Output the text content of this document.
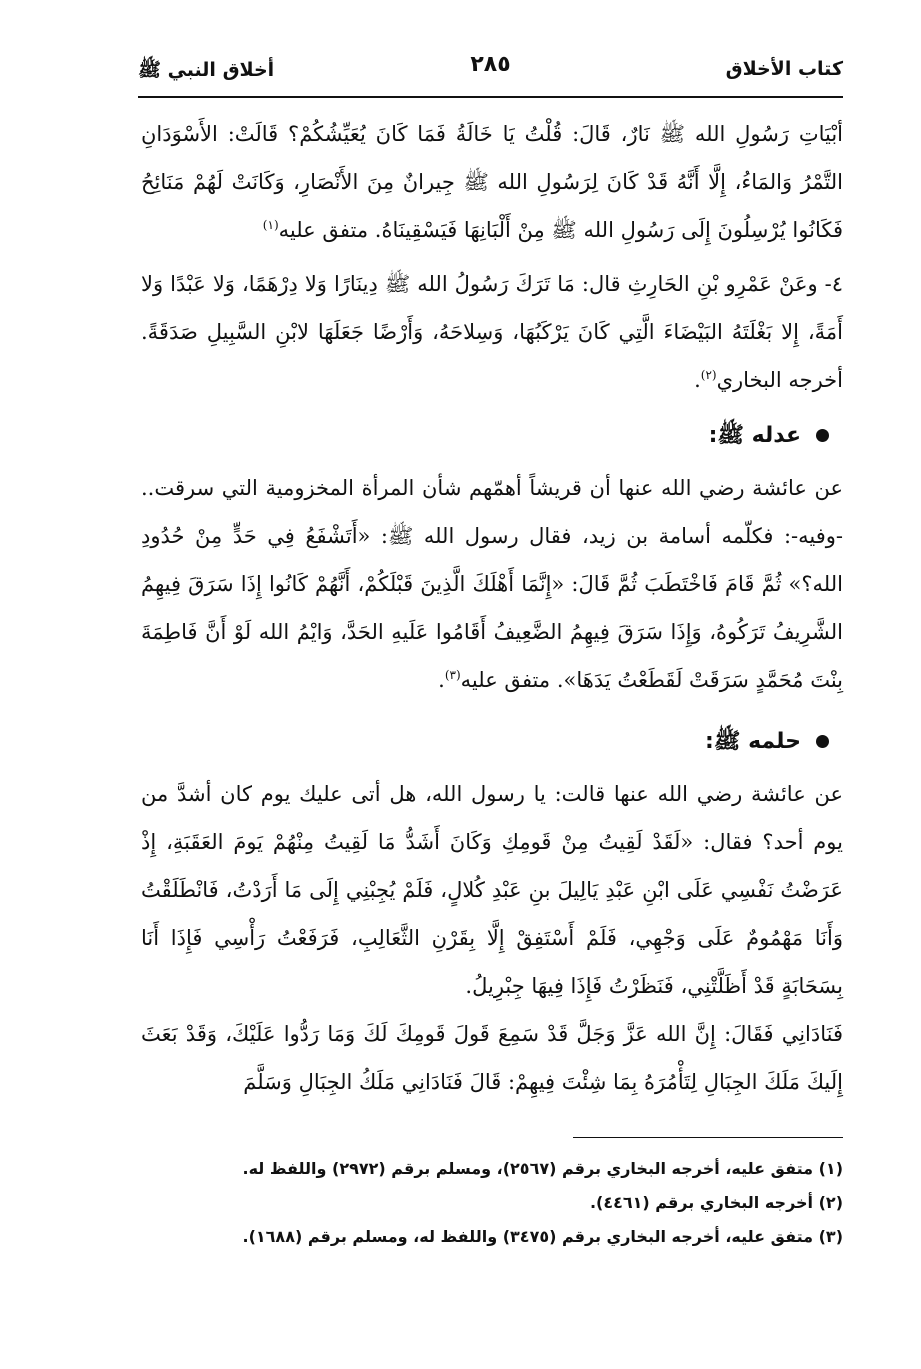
كتاب الأخلاق
٢٨٥
أخلاق النبي ﷺ

أبْيَاتِ رَسُولِ الله ﷺ نَارٌ، قَالَ: قُلْتُ يَا خَالَةُ فَمَا كَانَ يُعَيِّشُكُمْ؟ قَالَتْ: الأَسْوَدَانِ التَّمْرُ وَالمَاءُ، إِلَّا أَنَّهُ قَدْ كَانَ لِرَسُولِ الله ﷺ جِيرانٌ مِنَ الأَنْصَارِ، وَكَانَتْ لَهُمْ مَنَائِحُ فَكَانُوا يُرْسِلُونَ إِلَى رَسُولِ الله ﷺ مِنْ أَلْبَانِهَا فَيَسْقِينَاهُ. متفق عليه$^{(١)}$

٤- وعَنْ عَمْرِو بْنِ الحَارِثِ قال: مَا تَرَكَ رَسُولُ الله ﷺ دِينَارًا وَلا دِرْهَمًا، وَلا عَبْدًا وَلا أَمَةً، إِلا بَغْلَتَهُ البَيْضَاءَ الَّتِي كَانَ يَرْكَبُهَا، وَسِلاحَهُ، وَأَرْضًا جَعَلَهَا لابْنِ السَّبِيلِ صَدَقَةً. أخرجه البخاري$^{(٢)}$.

عدله ﷺ:

عن عائشة رضي الله عنها أن قريشاً أهمّهم شأن المرأة المخزومية التي سرقت.. -وفيه-: فكلّمه أسامة بن زيد، فقال رسول الله ﷺ: «أَتَشْفَعُ فِي حَدٍّ مِنْ حُدُودِ الله؟» ثُمَّ قَامَ فَاخْتَطَبَ ثُمَّ قَالَ: «إِنَّمَا أَهْلَكَ الَّذِينَ قَبْلَكُمْ، أَنَّهُمْ كَانُوا إِذَا سَرَقَ فِيهِمُ الشَّرِيفُ تَرَكُوهُ، وَإِذَا سَرَقَ فِيهِمُ الضَّعِيفُ أَقَامُوا عَلَيهِ الحَدَّ، وَايْمُ الله لَوْ أَنَّ فَاطِمَةَ بِنْتَ مُحَمَّدٍ سَرَقَتْ لَقَطَعْتُ يَدَهَا». متفق عليه$^{(٣)}$.

حلمه ﷺ:

عن عائشة رضي الله عنها قالت: يا رسول الله، هل أتى عليك يوم كان أشدَّ من يوم أحد؟ فقال: «لَقَدْ لَقِيتُ مِنْ قَومِكِ وَكَانَ أَشَدُّ مَا لَقِيتُ مِنْهُمْ يَومَ العَقَبَةِ، إِذْ عَرَضْتُ نَفْسِي عَلَى ابْنِ عَبْدِ يَالِيلَ بنِ عَبْدِ كُلالٍ، فَلَمْ يُجِبْنِي إِلَى مَا أَرَدْتُ، فَانْطَلَقْتُ وَأَنَا مَهْمُومٌ عَلَى وَجْهِي، فَلَمْ أَسْتَفِقْ إِلَّا بِقَرْنِ الثَّعَالِبِ، فَرَفَعْتُ رَأْسِي فَإِذَا أَنَا بِسَحَابَةٍ قَدْ أَظَلَّتْنِي، فَنَظَرْتُ فَإِذَا فِيهَا جِبْرِيلُ.

فَنَادَانِي فَقَالَ: إِنَّ الله عَزَّ وَجَلَّ قَدْ سَمِعَ قَولَ قَومِكَ لَكَ وَمَا رَدُّوا عَلَيْكَ، وَقَدْ بَعَثَ إِلَيكَ مَلَكَ الجِبَالِ لِتَأْمُرَهُ بِمَا شِئْتَ فِيهِمْ: قَالَ فَنَادَانِي مَلَكُ الجِبَالِ وَسَلَّمَ

(١) متفق عليه، أخرجه البخاري برقم (٢٥٦٧)، ومسلم برقم (٢٩٧٢) واللفظ له.

(٢) أخرجه البخاري برقم (٤٤٦١).

(٣) متفق عليه، أخرجه البخاري برقم (٣٤٧٥) واللفظ له، ومسلم برقم (١٦٨٨).
